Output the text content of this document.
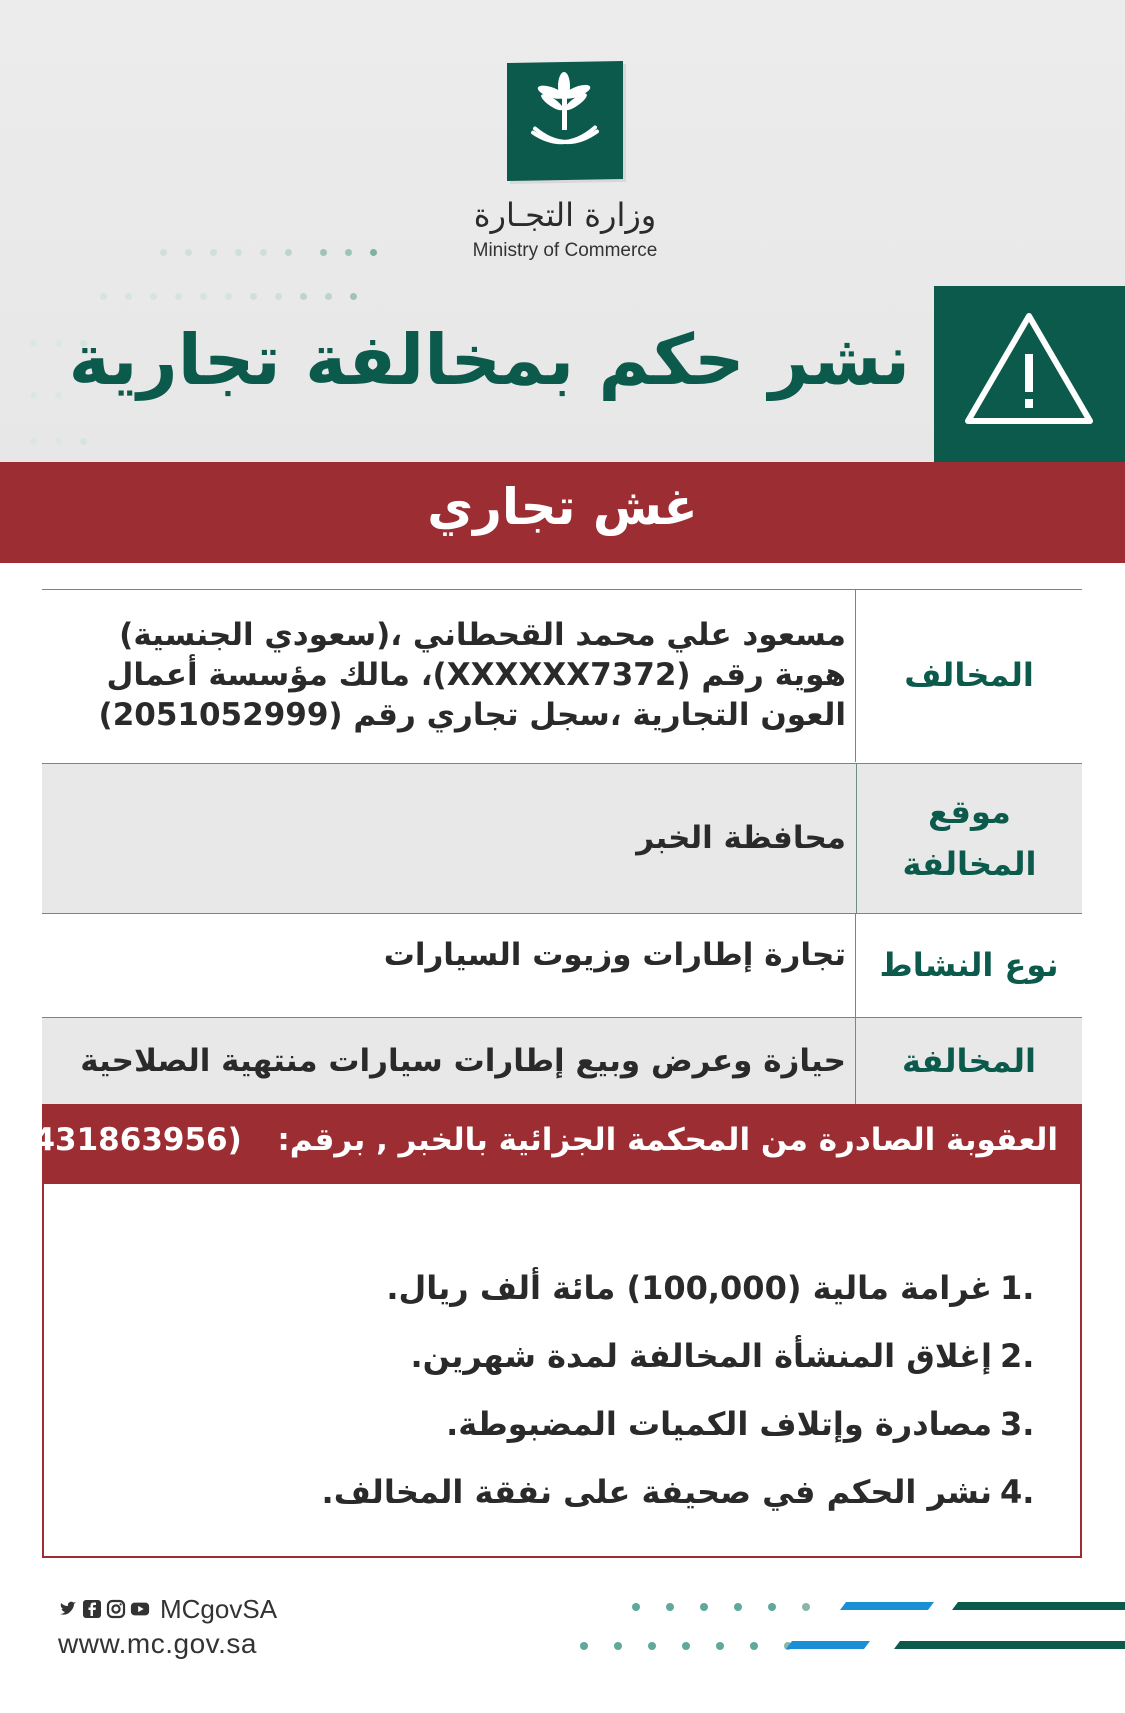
وزارة التجـارة
Ministry of Commerce
نشر حكم بمخالفة تجارية
غش تجاري
المخالف
مسعود علي محمد القحطاني ،(سعودي الجنسية) هوية رقم (XXXXXX7372)، مالك مؤسسة أعمال العون التجارية ،سجل تجاري رقم (2051052999)
موقع المخالفة
محافظة الخبر
نوع النشاط
تجارة إطارات وزيوت السيارات
المخالفة
حيازة وعرض وبيع إطارات سيارات منتهية الصلاحية
العقوبة الصادرة من المحكمة الجزائية بالخبر , برقم:  (431863956)
1.
غرامة مالية (100,000) مائة ألف ريال.
2.
إغلاق المنشأة المخالفة لمدة شهرين.
3.
مصادرة وإتلاف الكميات المضبوطة.
4.
نشر الحكم في صحيفة على نفقة المخالف.
MCgovSA
www.mc.gov.sa
